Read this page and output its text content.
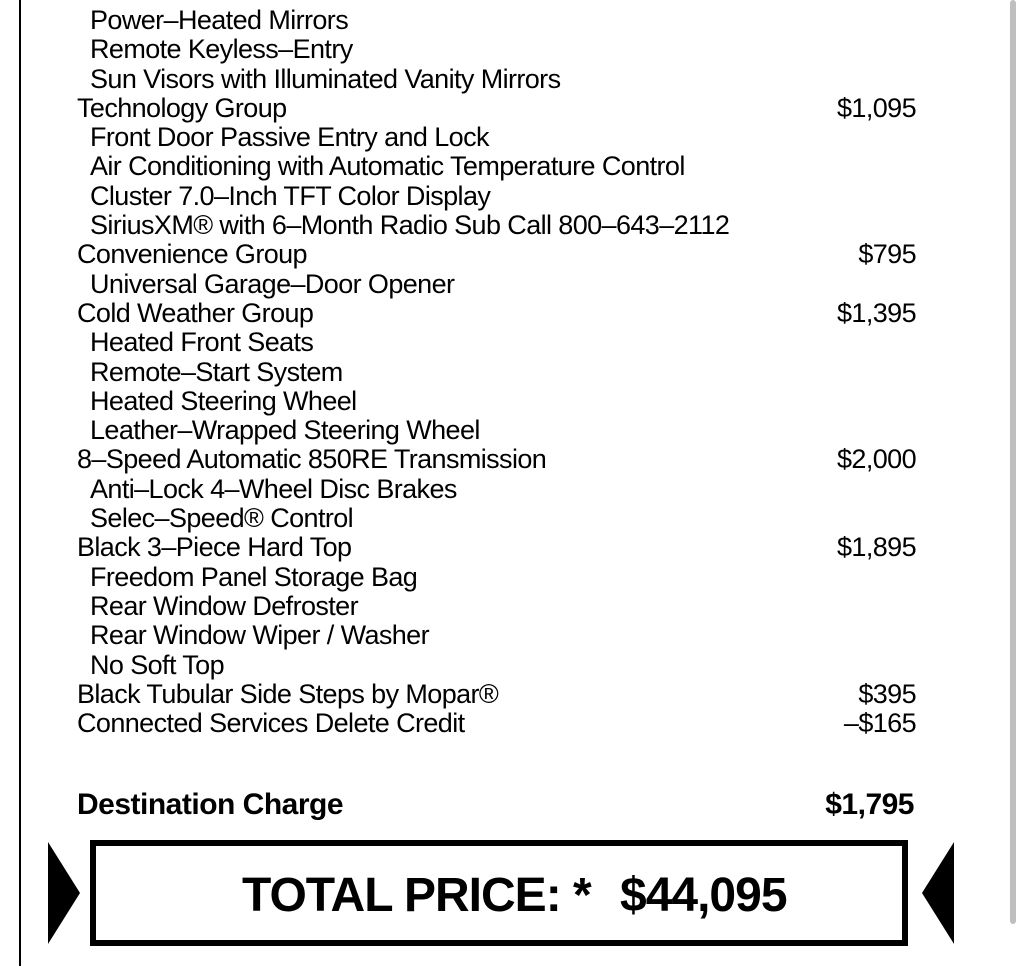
Power–Heated Mirrors
Remote Keyless–Entry
Sun Visors with Illuminated Vanity Mirrors
Technology Group	$1,095
Front Door Passive Entry and Lock
Air Conditioning with Automatic Temperature Control
Cluster 7.0–Inch TFT Color Display
SiriusXM® with 6–Month Radio Sub Call 800–643–2112
Convenience Group	$795
Universal Garage–Door Opener
Cold Weather Group	$1,395
Heated Front Seats
Remote–Start System
Heated Steering Wheel
Leather–Wrapped Steering Wheel
8–Speed Automatic 850RE Transmission	$2,000
Anti–Lock 4–Wheel Disc Brakes
Selec–Speed® Control
Black 3–Piece Hard Top	$1,895
Freedom Panel Storage Bag
Rear Window Defroster
Rear Window Wiper / Washer
No Soft Top
Black Tubular Side Steps by Mopar®	$395
Connected Services Delete Credit	–$165
Destination Charge	$1,795
TOTAL PRICE: * $44,095
